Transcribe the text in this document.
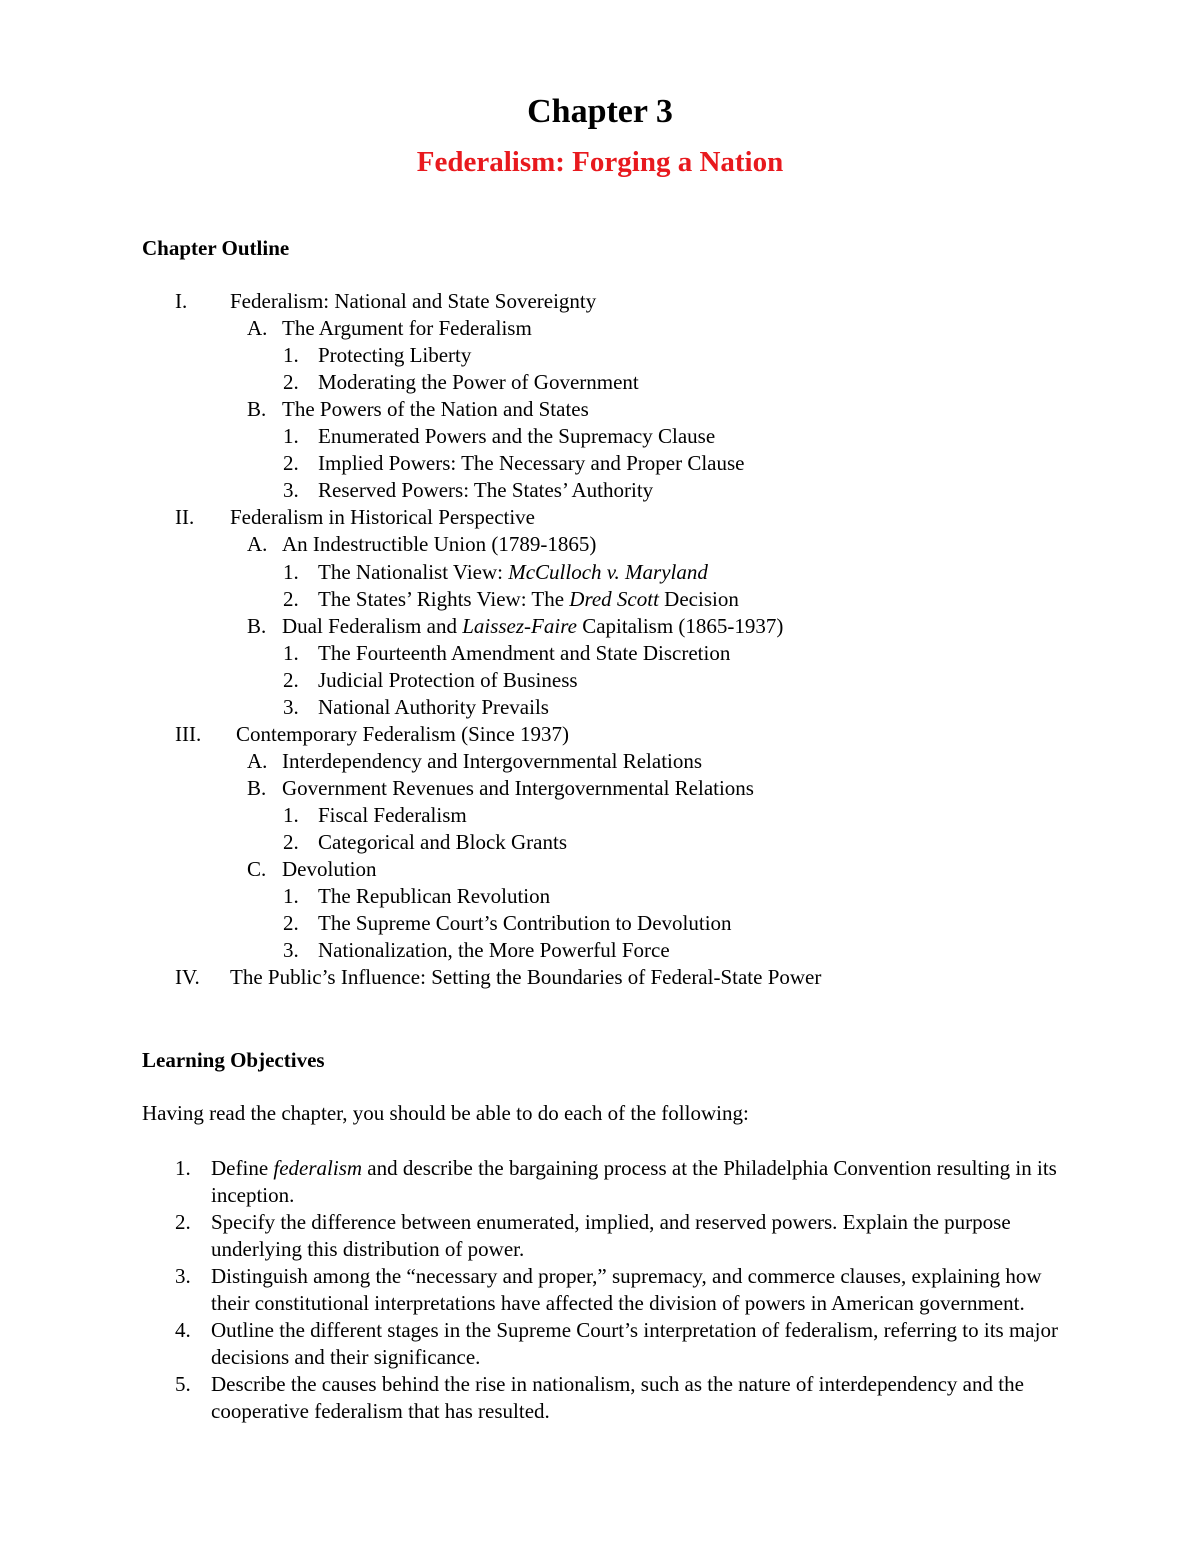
Chapter 3
Federalism: Forging a Nation
Chapter Outline
I. Federalism: National and State Sovereignty
A. The Argument for Federalism
1. Protecting Liberty
2. Moderating the Power of Government
B. The Powers of the Nation and States
1. Enumerated Powers and the Supremacy Clause
2. Implied Powers: The Necessary and Proper Clause
3. Reserved Powers: The States’ Authority
II. Federalism in Historical Perspective
A. An Indestructible Union (1789-1865)
1. The Nationalist View: McCulloch v. Maryland
2. The States’ Rights View: The Dred Scott Decision
B. Dual Federalism and Laissez-Faire Capitalism (1865-1937)
1. The Fourteenth Amendment and State Discretion
2. Judicial Protection of Business
3. National Authority Prevails
III. Contemporary Federalism (Since 1937)
A. Interdependency and Intergovernmental Relations
B. Government Revenues and Intergovernmental Relations
1. Fiscal Federalism
2. Categorical and Block Grants
C. Devolution
1. The Republican Revolution
2. The Supreme Court’s Contribution to Devolution
3. Nationalization, the More Powerful Force
IV. The Public’s Influence: Setting the Boundaries of Federal-State Power
Learning Objectives

Having read the chapter, you should be able to do each of the following:

1. Define federalism and describe the bargaining process at the Philadelphia Convention resulting in its inception.
2. Specify the difference between enumerated, implied, and reserved powers. Explain the purpose underlying this distribution of power.
3. Distinguish among the “necessary and proper,” supremacy, and commerce clauses, explaining how their constitutional interpretations have affected the division of powers in American government.
4. Outline the different stages in the Supreme Court’s interpretation of federalism, referring to its major decisions and their significance.
5. Describe the causes behind the rise in nationalism, such as the nature of interdependency and the cooperative federalism that has resulted.
